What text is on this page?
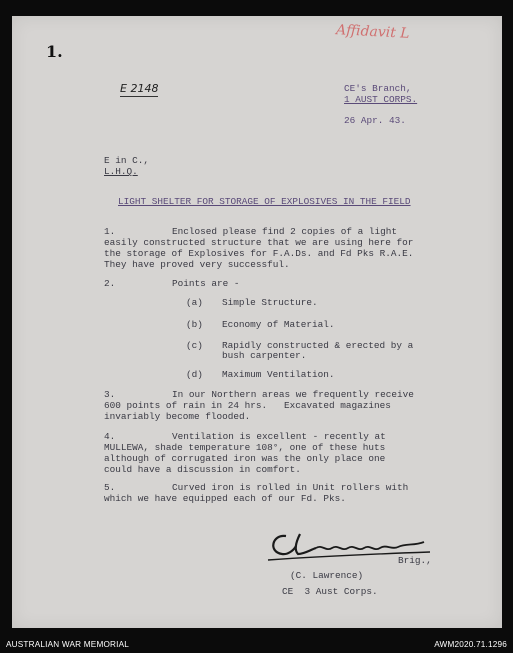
Affidavit L
1.
E 2148	CE's Branch,
1 AUST CORPS.
26 Apr. 43.
E in C.,
L.H.Q.
LIGHT SHELTER FOR STORAGE OF EXPLOSIVES IN THE FIELD
1.	Enclosed please find 2 copies of a light
easily constructed structure that we are using here for
the storage of Explosives for F.A.Ds. and Fd Pks R.A.E.
They have proved very successful.
2.	Points are -
(a) Simple Structure.
(b) Economy of Material.
(c) Rapidly constructed & erected by a
bush carpenter.
(d) Maximum Ventilation.
3.	In our Northern areas we frequently receive
600 points of rain in 24 hrs.   Excavated magazines
invariably become flooded.
4.	Ventilation is excellent - recently at
MULLEWA, shade temperature 108°, one of these huts
although of corrugated iron was the only place one
could have a discussion in comfort.
5.	Curved iron is rolled in Unit rollers with
which we have equipped each of our Fd. Pks.
Brig.,
(C. Lawrence)
CE  3 Aust Corps.
AUSTRALIAN WAR MEMORIAL	AWM2020.71.1296
